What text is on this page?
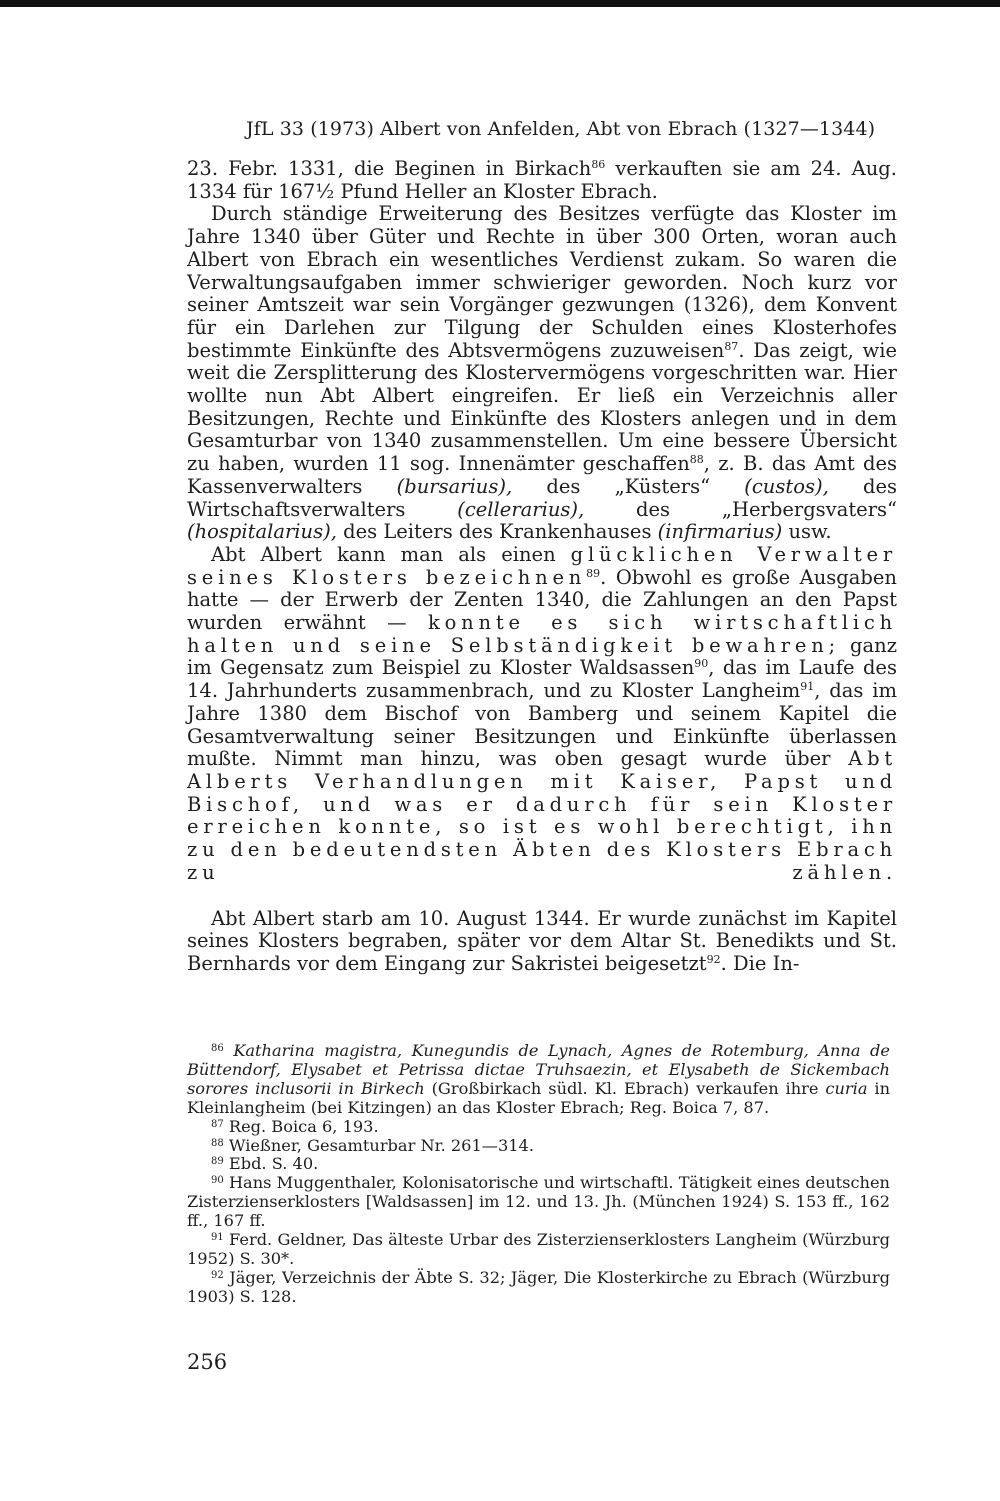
JfL 33 (1973) Albert von Anfelden, Abt von Ebrach (1327—1344)

23. Febr. 1331, die Beginen in Birkach$^{86}$ verkauften sie am 24. Aug. 1334 für 167½ Pfund Heller an Kloster Ebrach.

Durch ständige Erweiterung des Besitzes verfügte das Kloster im Jahre 1340 über Güter und Rechte in über 300 Orten, woran auch Albert von Ebrach ein wesentliches Verdienst zukam. So waren die Verwaltungsaufgaben immer schwieriger geworden. Noch kurz vor seiner Amtszeit war sein Vorgänger gezwungen (1326), dem Konvent für ein Darlehen zur Tilgung der Schulden eines Klosterhofes bestimmte Einkünfte des Abtsvermögens zuzuweisen$^{87}$. Das zeigt, wie weit die Zersplitterung des Klostervermögens vorgeschritten war. Hier wollte nun Abt Albert eingreifen. Er ließ ein Verzeichnis aller Besitzungen, Rechte und Einkünfte des Klosters anlegen und in dem Gesamturbar von 1340 zusammenstellen. Um eine bessere Übersicht zu haben, wurden 11 sog. Innenämter geschaffen$^{88}$, z. B. das Amt des Kassenverwalters (bursarius), des „Küsters“ (custos), des Wirtschaftsverwalters (cellerarius), des „Herbergsvaters“ (hospitalarius), des Leiters des Krankenhauses (infirmarius) usw.

Abt Albert kann man als einen glücklichen Verwalter seines Klosters bezeichnen$^{89}$. Obwohl es große Ausgaben hatte — der Erwerb der Zenten 1340, die Zahlungen an den Papst wurden erwähnt — konnte es sich wirtschaftlich halten und seine Selbständigkeit bewahren; ganz im Gegensatz zum Beispiel zu Kloster Waldsassen$^{90}$, das im Laufe des 14. Jahrhunderts zusammenbrach, und zu Kloster Langheim$^{91}$, das im Jahre 1380 dem Bischof von Bamberg und seinem Kapitel die Gesamtverwaltung seiner Besitzungen und Einkünfte überlassen mußte. Nimmt man hinzu, was oben gesagt wurde über Abt Alberts Verhandlungen mit Kaiser, Papst und Bischof, und was er dadurch für sein Kloster erreichen konnte, so ist es wohl berechtigt, ihn zu den bedeutendsten Äbten des Klosters Ebrach zu zählen.

Abt Albert starb am 10. August 1344. Er wurde zunächst im Kapitel seines Klosters begraben, später vor dem Altar St. Benedikts und St. Bernhards vor dem Eingang zur Sakristei beigesetzt$^{92}$. Die In-

$^{86}$ Katharina magistra, Kunegundis de Lynach, Agnes de Rotemburg, Anna de Büttendorf, Elysabet et Petrissa dictae Truhsaezin, et Elysabeth de Sickembach sorores inclusorii in Birkech (Großbirkach südl. Kl. Ebrach) verkaufen ihre curia in Kleinlangheim (bei Kitzingen) an das Kloster Ebrach; Reg. Boica 7, 87.

$^{87}$ Reg. Boica 6, 193.

$^{88}$ Wießner, Gesamturbar Nr. 261—314.

$^{89}$ Ebd. S. 40.

$^{90}$ Hans Muggenthaler, Kolonisatorische und wirtschaftl. Tätigkeit eines deutschen Zisterzienserklosters [Waldsassen] im 12. und 13. Jh. (München 1924) S. 153 ff., 162 ff., 167 ff.

$^{91}$ Ferd. Geldner, Das älteste Urbar des Zisterzienserklosters Langheim (Würzburg 1952) S. 30*.

$^{92}$ Jäger, Verzeichnis der Äbte S. 32; Jäger, Die Klosterkirche zu Ebrach (Würzburg 1903) S. 128.

256
